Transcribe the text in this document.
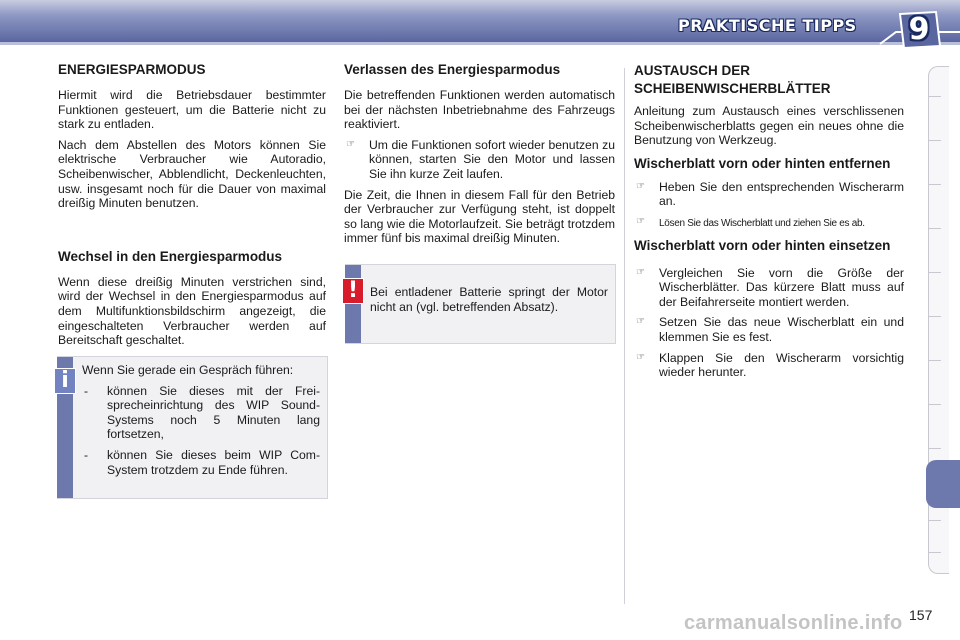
PRAKTISCHE TIPPS 9
ENERGIESPARMODUS

Hiermit wird die Betriebsdauer bestimmter Funktionen gesteuert, um die Batterie nicht zu stark zu entladen.

Nach dem Abstellen des Motors können Sie elektrische Verbraucher wie Autoradio, Scheibenwischer, Abblendlicht, Deckenleuchten, usw. insgesamt noch für die Dauer von maximal dreißig Minuten benutzen.

Wechsel in den Energiesparmodus

Wenn diese dreißig Minuten verstrichen sind, wird der Wechsel in den Energiesparmodus auf dem Multifunktionsbildschirm angezeigt, die eingeschalteten Verbraucher werden auf Bereitschaft geschaltet.

Wenn Sie gerade ein Gespräch führen:

- können Sie dieses mit der Freisprecheinrichtung des WIP Sound-Systems noch 5 Minuten lang fortsetzen,
- können Sie dieses beim WIP Com-System trotzdem zu Ende führen.
i
Verlassen des Energiesparmodus

Die betreffenden Funktionen werden automatisch bei der nächsten Inbetriebnahme des Fahrzeugs reaktiviert.

☞ Um die Funktionen sofort wieder benutzen zu können, starten Sie den Motor und lassen Sie ihn kurze Zeit laufen.

Die Zeit, die Ihnen in diesem Fall für den Betrieb der Verbraucher zur Verfügung steht, ist doppelt so lang wie die Motorlaufzeit. Sie beträgt trotzdem immer fünf bis maximal dreißig Minuten.

Bei entladener Batterie springt der Motor nicht an (vgl. betreffenden Absatz).
!
AUSTAUSCH DER SCHEIBENWISCHERBLÄTTER

Anleitung zum Austausch eines verschlissenen Scheibenwischerblatts gegen ein neues ohne die Benutzung von Werkzeug.

Wischerblatt vorn oder hinten entfernen
☞ Heben Sie den entsprechenden Wischerarm an.
☞ Lösen Sie das Wischerblatt und ziehen Sie es ab.
Wischerblatt vorn oder hinten einsetzen
☞ Vergleichen Sie vorn die Größe der Wischerblätter. Das kürzere Blatt muss auf der Beifahrerseite montiert werden.
☞ Setzen Sie das neue Wischerblatt ein und klemmen Sie es fest.
☞ Klappen Sie den Wischerarm vorsichtig wieder herunter.
carmanualsonline.info 157
